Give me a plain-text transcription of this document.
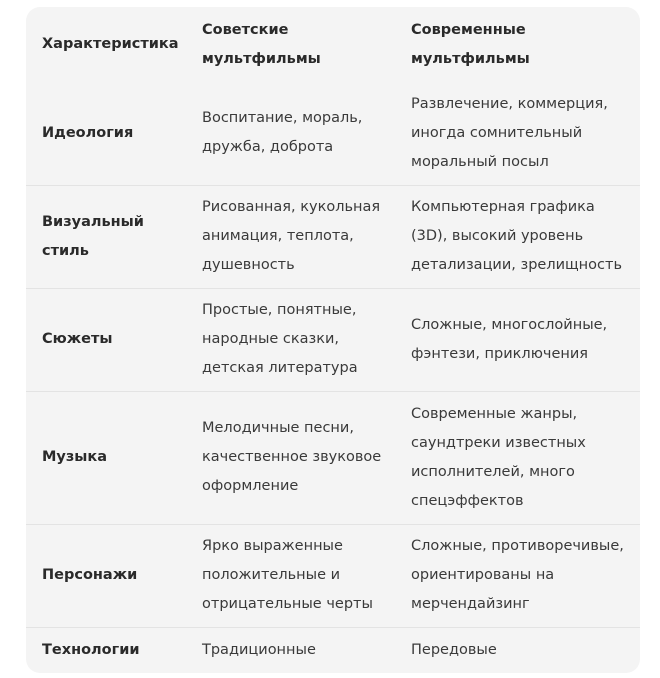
Характеристика	Советские мультфильмы	Современные мультфильмы
Идеология	Воспитание, мораль, дружба, доброта	Развлечение, коммерция, иногда сомнительный моральный посыл
Визуальный стиль	Рисованная, кукольная анимация, теплота, душевность	Компьютерная графика (3D), высокий уровень детализации, зрелищность
Сюжеты	Простые, понятные, народные сказки, детская литература	Сложные, многослойные, фэнтези, приключения
Музыка	Мелодичные песни, качественное звуковое оформление	Современные жанры, саундтреки известных исполнителей, много спецэффектов
Персонажи	Ярко выраженные положительные и отрицательные черты	Сложные, противоречивые, ориентированы на мерчендайзинг
Технологии	Традиционные	Передовые
